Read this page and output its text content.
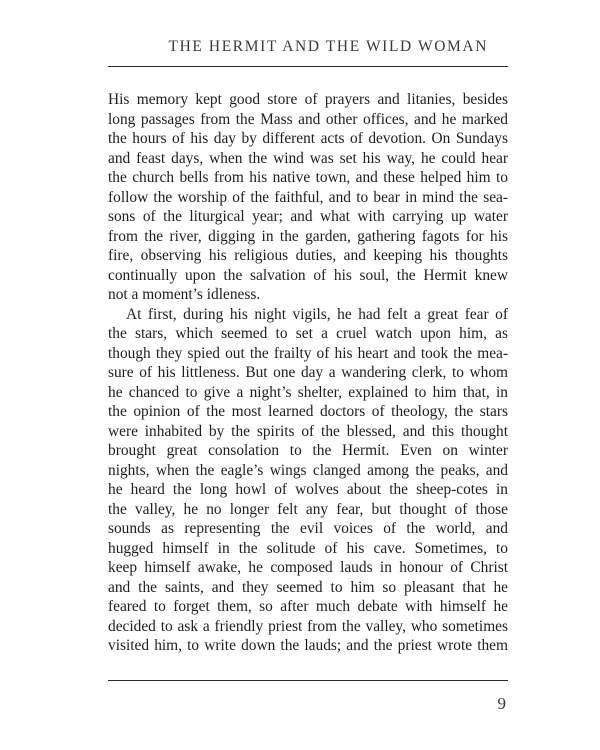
THE HERMIT AND THE WILD WOMAN
His memory kept good store of prayers and litanies, besides
long passages from the Mass and other offices, and he marked
the hours of his day by different acts of devotion. On Sundays
and feast days, when the wind was set his way, he could hear
the church bells from his native town, and these helped him to
follow the worship of the faithful, and to bear in mind the sea-
sons of the liturgical year; and what with carrying up water
from the river, digging in the garden, gathering fagots for his
fire, observing his religious duties, and keeping his thoughts
continually upon the salvation of his soul, the Hermit knew
not a moment’s idleness.
At first, during his night vigils, he had felt a great fear of
the stars, which seemed to set a cruel watch upon him, as
though they spied out the frailty of his heart and took the mea-
sure of his littleness. But one day a wandering clerk, to whom
he chanced to give a night’s shelter, explained to him that, in
the opinion of the most learned doctors of theology, the stars
were inhabited by the spirits of the blessed, and this thought
brought great consolation to the Hermit. Even on winter
nights, when the eagle’s wings clanged among the peaks, and
he heard the long howl of wolves about the sheep-cotes in
the valley, he no longer felt any fear, but thought of those
sounds as representing the evil voices of the world, and
hugged himself in the solitude of his cave. Sometimes, to
keep himself awake, he composed lauds in honour of Christ
and the saints, and they seemed to him so pleasant that he
feared to forget them, so after much debate with himself he
decided to ask a friendly priest from the valley, who sometimes
visited him, to write down the lauds; and the priest wrote them
9
